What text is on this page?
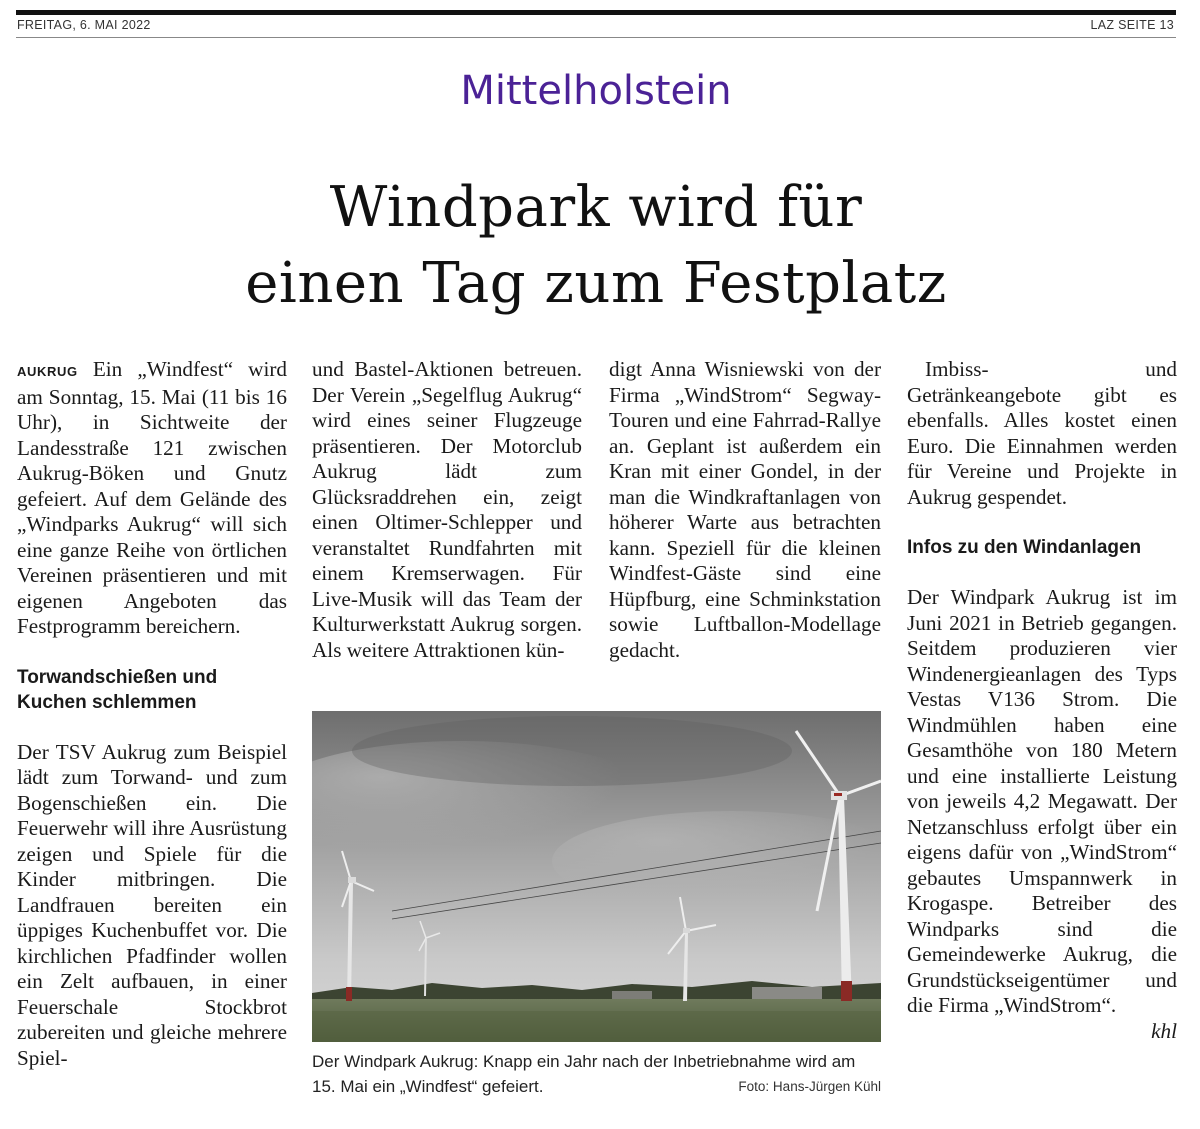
FREITAG, 6. MAI 2022	LAZ SEITE 13
Mittelholstein
Windpark wird für
einen Tag zum Festplatz

AUKRUG Ein „Windfest“ wird am Sonntag, 15. Mai (11 bis 16 Uhr), in Sichtweite der Landesstraße 121 zwischen Aukrug-Böken und Gnutz gefeiert. Auf dem Gelände des „Windparks Aukrug“ will sich eine ganze Reihe von örtlichen Vereinen präsentieren und mit eigenen Angeboten das Festprogramm bereichern.

Torwandschießen und Kuchen schlemmen

Der TSV Aukrug zum Beispiel lädt zum Torwand- und zum Bogenschießen ein. Die Feuerwehr will ihre Ausrüstung zeigen und Spiele für die Kinder mitbringen. Die Landfrauen bereiten ein üppiges Kuchenbuffet vor. Die kirchlichen Pfadfinder wollen ein Zelt aufbauen, in einer Feuerschale Stockbrot zubereiten und gleiche mehrere Spiel-

und Bastel-Aktionen betreuen. Der Verein „Segelflug Aukrug“ wird eines seiner Flugzeuge präsentieren. Der Motorclub Aukrug lädt zum Glücksraddrehen ein, zeigt einen Oltimer-Schlepper und veranstaltet Rundfahrten mit einem Kremserwagen. Für Live-Musik will das Team der Kulturwerkstatt Aukrug sorgen. Als weitere Attraktionen kün-

digt Anna Wisniewski von der Firma „WindStrom“ Segway-Touren und eine Fahrrad-Rallye an. Geplant ist außerdem ein Kran mit einer Gondel, in der man die Windkraftanlagen von höherer Warte aus betrachten kann. Speziell für die kleinen Windfest-Gäste sind eine Hüpfburg, eine Schminkstation sowie Luftballon-Modellage gedacht.

Imbiss- und Getränkeangebote gibt es ebenfalls. Alles kostet einen Euro. Die Einnahmen werden für Vereine und Projekte in Aukrug gespendet.

Infos zu den Windanlagen

Der Windpark Aukrug ist im Juni 2021 in Betrieb gegangen. Seitdem produzieren vier Windenergieanlagen des Typs Vestas V136 Strom. Die Windmühlen haben eine Gesamthöhe von 180 Metern und eine installierte Leistung von jeweils 4,2 Megawatt. Der Netzanschluss erfolgt über ein eigens dafür von „WindStrom“ gebautes Umspannwerk in Krogaspe. Betreiber des Windparks sind die Gemeindewerke Aukrug, die Grundstückseigentümer und die Firma „WindStrom“.

khl

Der Windpark Aukrug: Knapp ein Jahr nach der Inbetriebnahme wird am 15. Mai ein „Windfest“ gefeiert.	Foto: Hans-Jürgen Kühl
